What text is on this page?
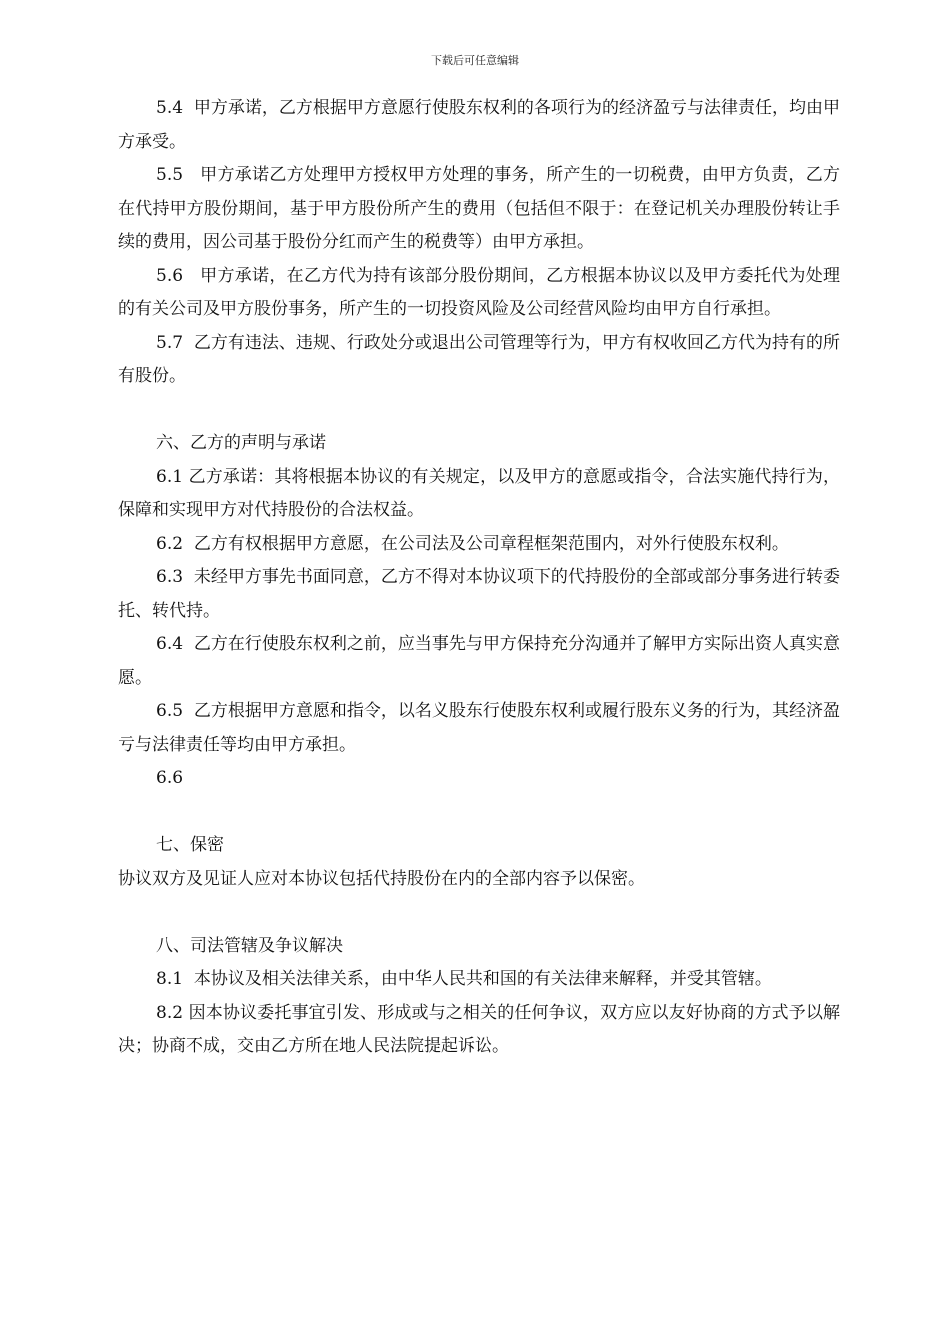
下载后可任意编辑

5.4  甲方承诺，乙方根据甲方意愿行使股东权利的各项行为的经济盈亏与法律责任，均由甲方承受。

5.5   甲方承诺乙方处理甲方授权甲方处理的事务，所产生的一切税费，由甲方负责，乙方在代持甲方股份期间，基于甲方股份所产生的费用（包括但不限于：在登记机关办理股份转让手续的费用，因公司基于股份分红而产生的税费等）由甲方承担。

5.6   甲方承诺，在乙方代为持有该部分股份期间，乙方根据本协议以及甲方委托代为处理的有关公司及甲方股份事务，所产生的一切投资风险及公司经营风险均由甲方自行承担。

5.7  乙方有违法、违规、行政处分或退出公司管理等行为，甲方有权收回乙方代为持有的所有股份。

六、乙方的声明与承诺

6.1 乙方承诺：其将根据本协议的有关规定，以及甲方的意愿或指令，合法实施代持行为，保障和实现甲方对代持股份的合法权益。

6.2  乙方有权根据甲方意愿，在公司法及公司章程框架范围内，对外行使股东权利。

6.3  未经甲方事先书面同意，乙方不得对本协议项下的代持股份的全部或部分事务进行转委托、转代持。

6.4  乙方在行使股东权利之前，应当事先与甲方保持充分沟通并了解甲方实际出资人真实意愿。

6.5  乙方根据甲方意愿和指令，以名义股东行使股东权利或履行股东义务的行为，其经济盈亏与法律责任等均由甲方承担。

6.6

七、保密

协议双方及见证人应对本协议包括代持股份在内的全部内容予以保密。

八、司法管辖及争议解决

8.1  本协议及相关法律关系，由中华人民共和国的有关法律来解释，并受其管辖。

8.2 因本协议委托事宜引发、形成或与之相关的任何争议，双方应以友好协商的方式予以解决；协商不成，交由乙方所在地人民法院提起诉讼。
